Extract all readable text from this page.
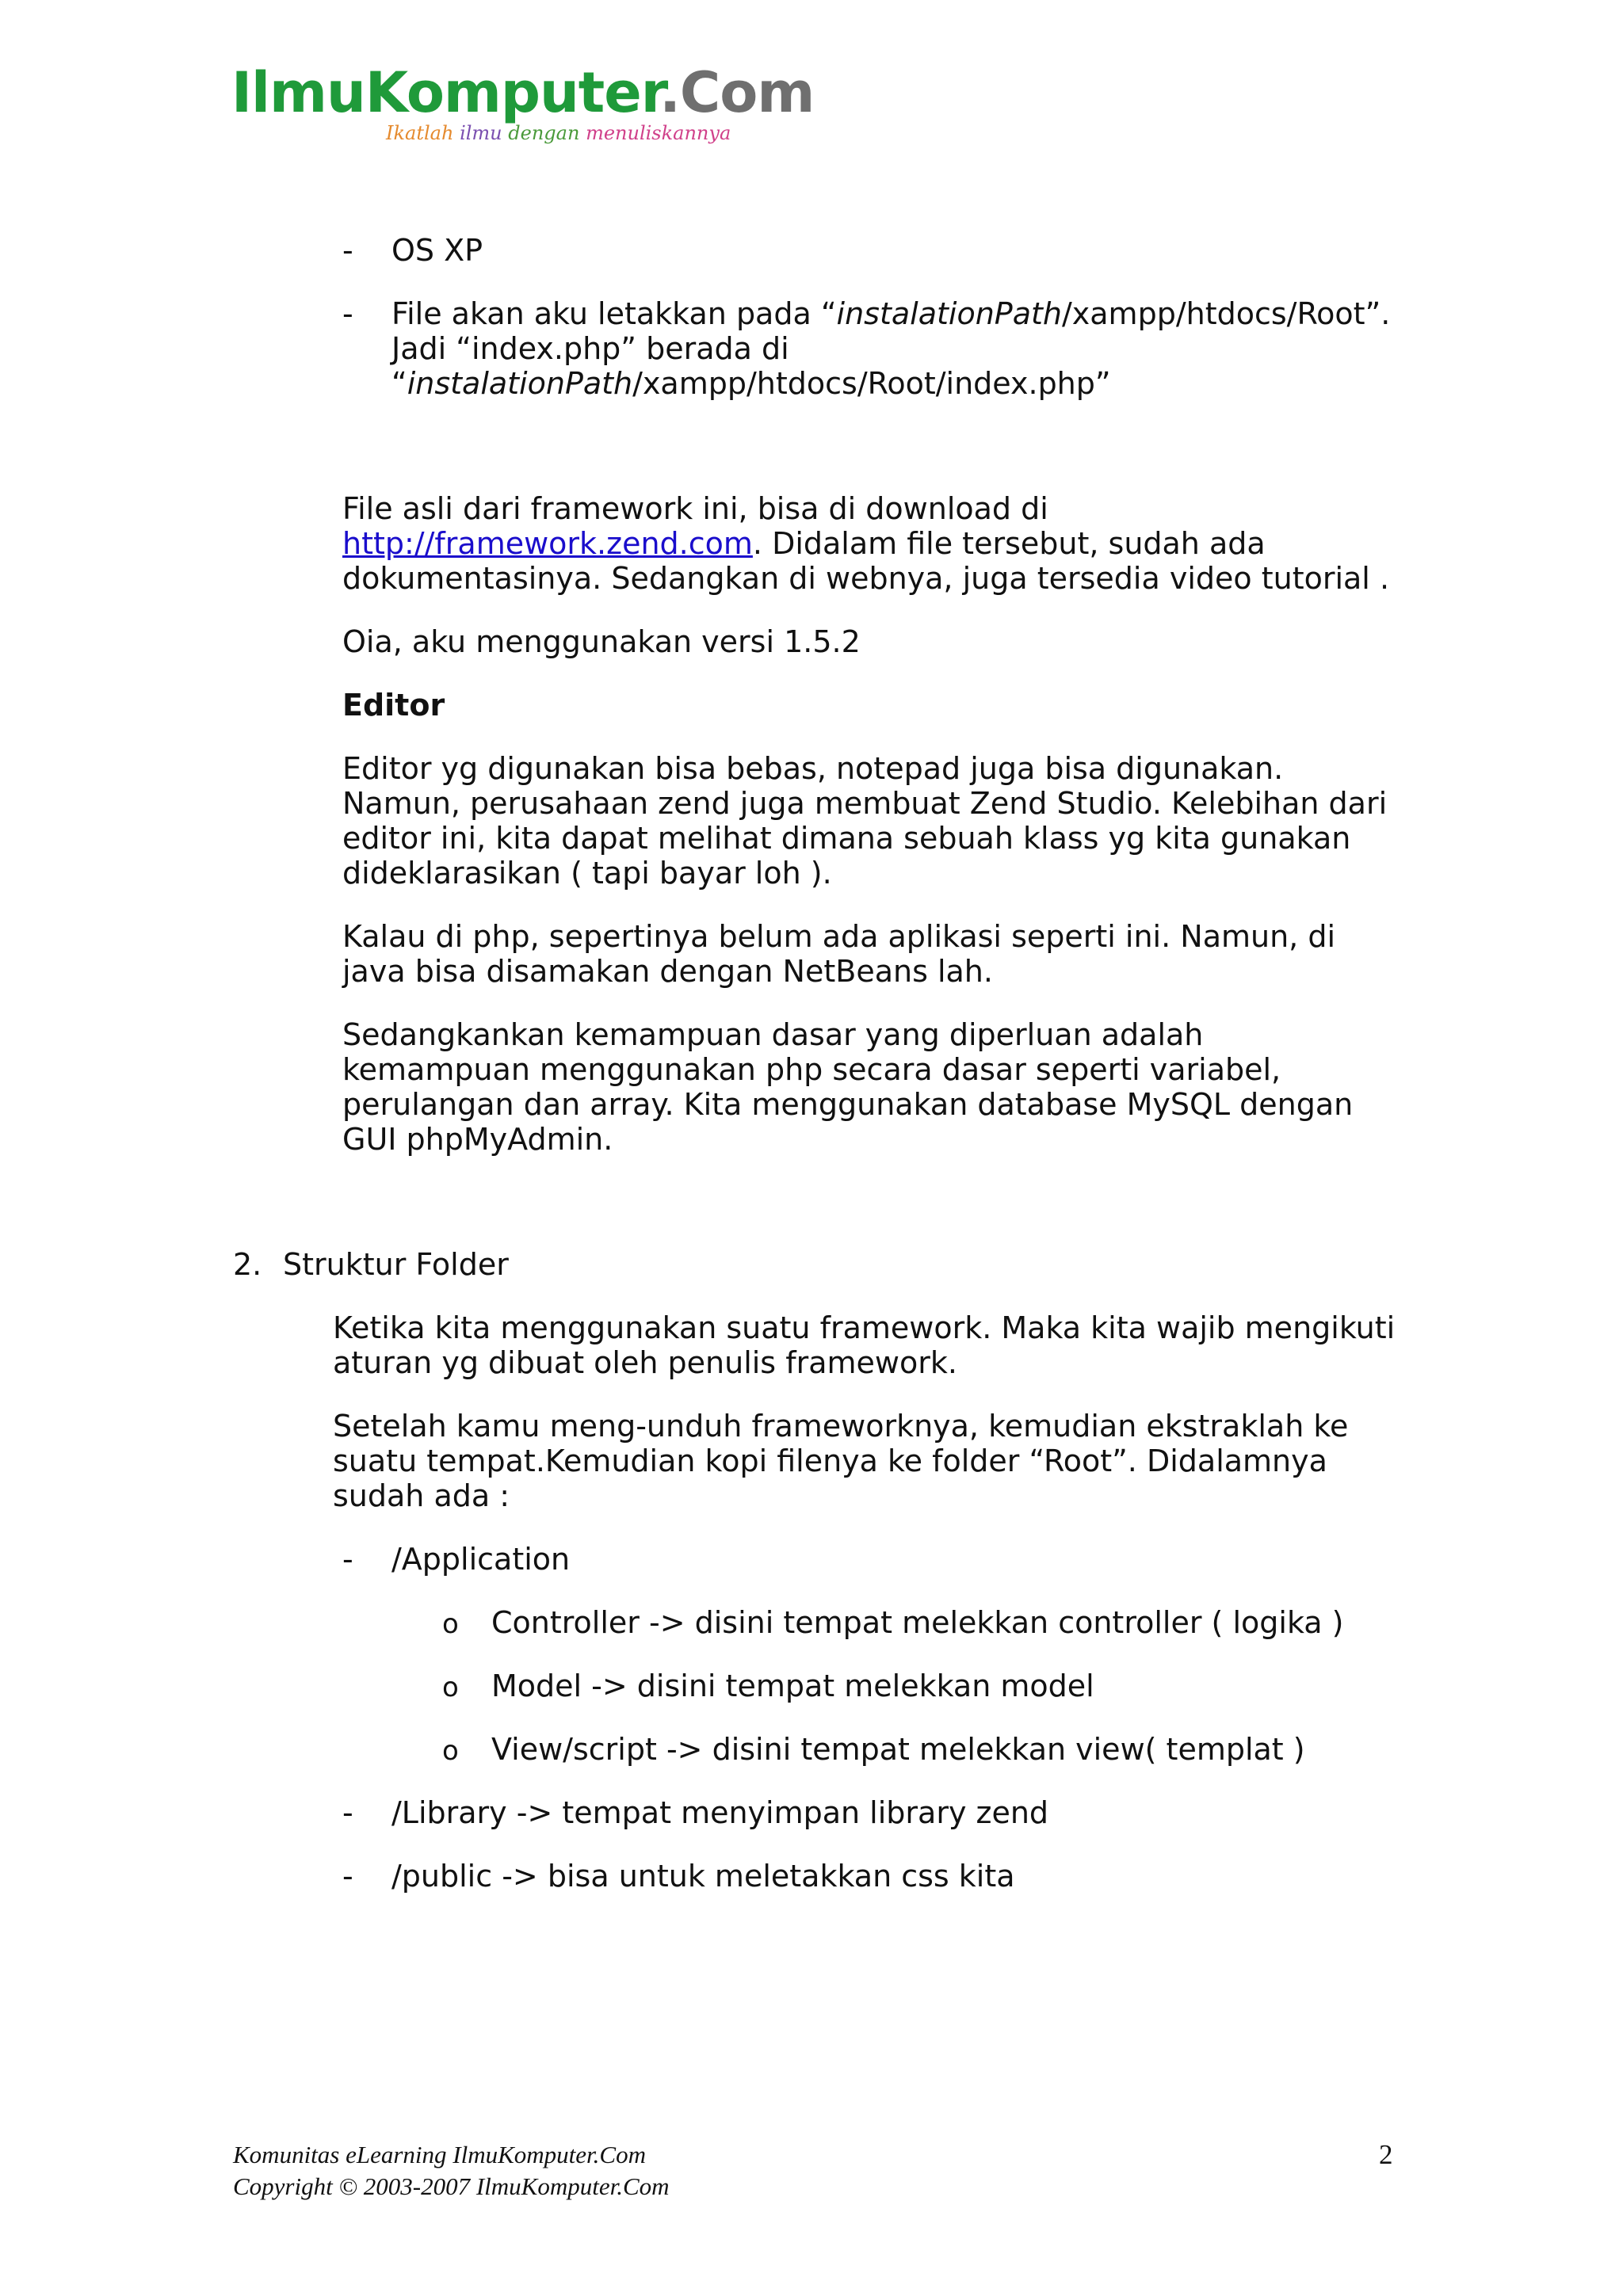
IlmuKomputer.Com
Ikatlah ilmu dengan menuliskannya
- OS XP
- File akan aku letakkan pada “instalationPath/xampp/htdocs/Root”.
Jadi “index.php” berada di
“instalationPath/xampp/htdocs/Root/index.php”
File asli dari framework ini, bisa di download di
http://framework.zend.com. Didalam file tersebut, sudah ada
dokumentasinya. Sedangkan di webnya, juga tersedia video tutorial .
Oia, aku menggunakan versi 1.5.2
Editor
Editor yg digunakan bisa bebas, notepad juga bisa digunakan.
Namun, perusahaan zend juga membuat Zend Studio. Kelebihan dari
editor ini, kita dapat melihat dimana sebuah klass yg kita gunakan
dideklarasikan ( tapi bayar loh ).
Kalau di php, sepertinya belum ada aplikasi seperti ini. Namun, di
java bisa disamakan dengan NetBeans lah.
Sedangkankan kemampuan dasar yang diperluan adalah
kemampuan menggunakan php secara dasar seperti variabel,
perulangan dan array. Kita menggunakan database MySQL dengan
GUI phpMyAdmin.
2. Struktur Folder
Ketika kita menggunakan suatu framework. Maka kita wajib mengikuti
aturan yg dibuat oleh penulis framework.
Setelah kamu meng-unduh frameworknya, kemudian ekstraklah ke
suatu tempat.Kemudian kopi filenya ke folder “Root”. Didalamnya
sudah ada :
- /Application
o Controller -> disini tempat melekkan controller ( logika )
o Model -> disini tempat melekkan model
o View/script -> disini tempat melekkan view( templat )
- /Library -> tempat menyimpan library zend
- /public -> bisa untuk meletakkan css kita
Komunitas eLearning IlmuKomputer.Com
Copyright © 2003-2007 IlmuKomputer.Com
2
